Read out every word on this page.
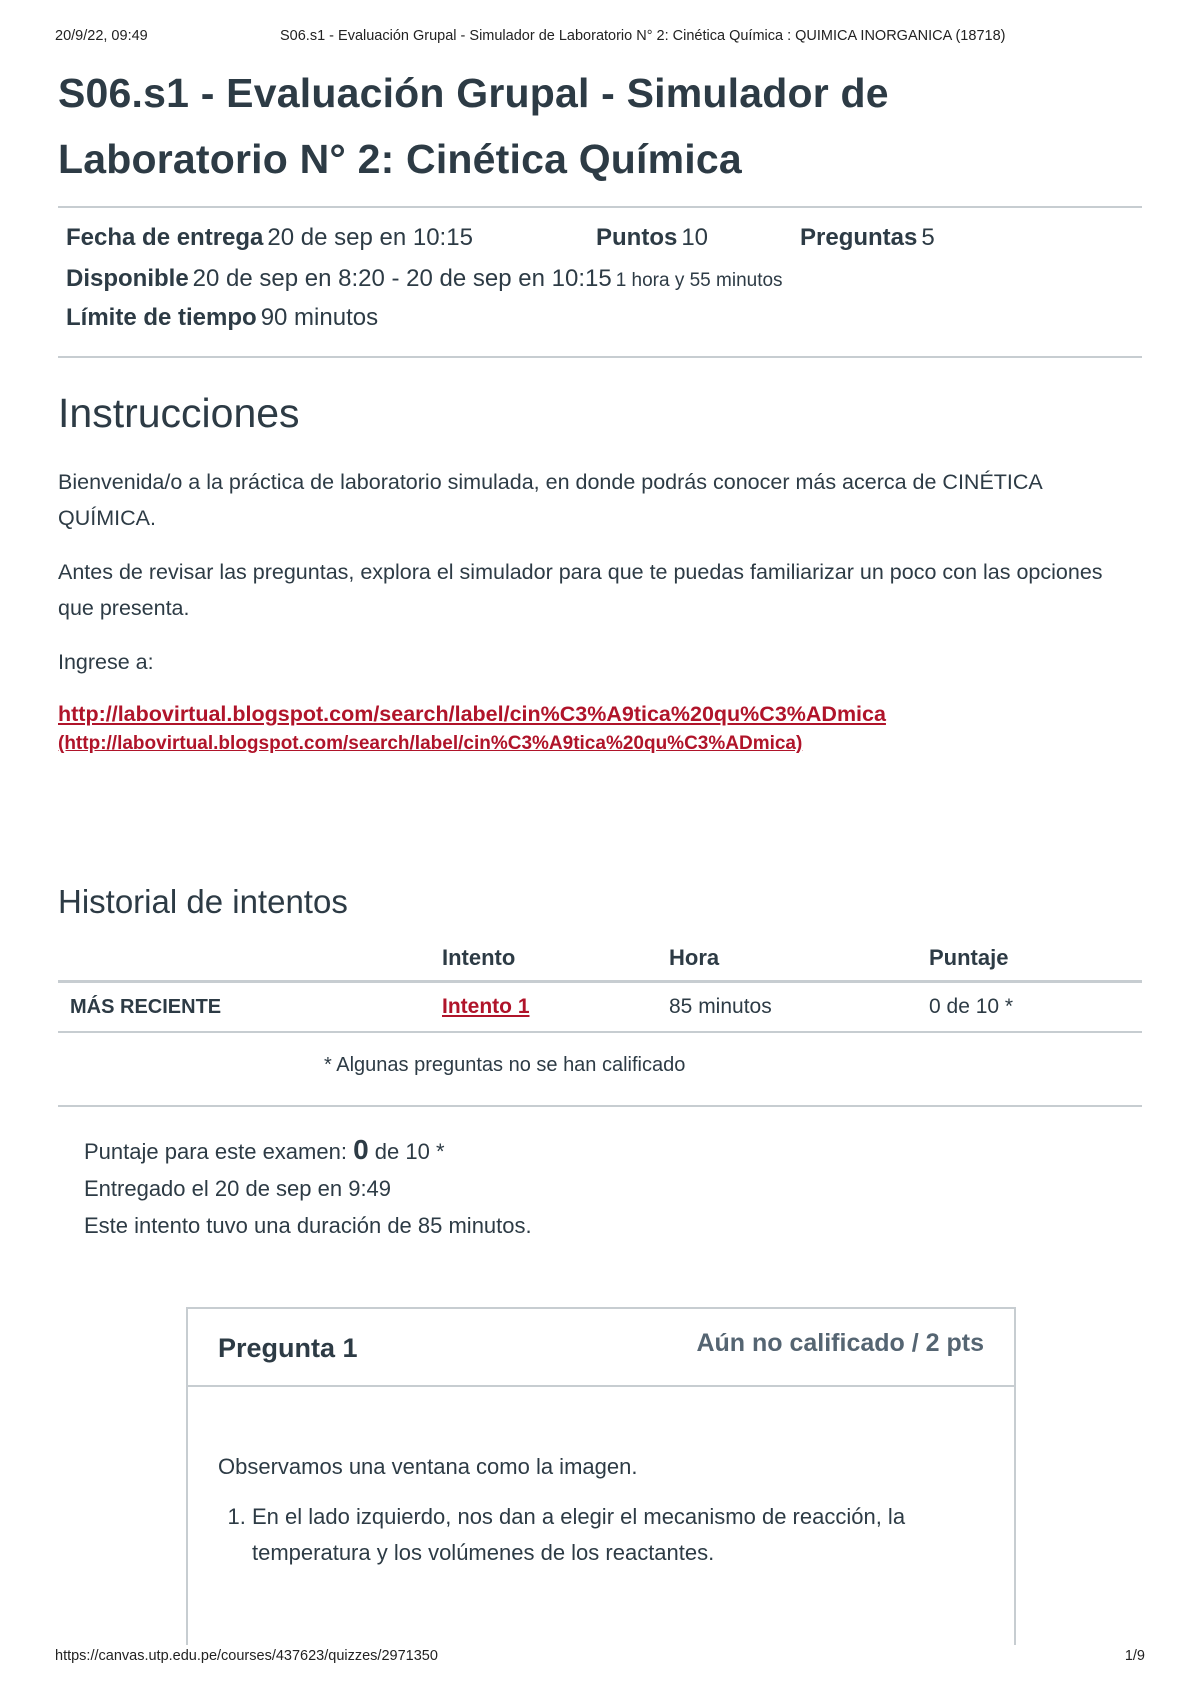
20/9/22, 09:49	S06.s1 - Evaluación Grupal - Simulador de Laboratorio N° 2: Cinética Química : QUIMICA INORGANICA (18718)
S06.s1 - Evaluación Grupal - Simulador de
Laboratorio N° 2: Cinética Química
Fecha de entrega 20 de sep en 10:15	Puntos 10	Preguntas 5
Disponible 20 de sep en 8:20 - 20 de sep en 10:15 1 hora y 55 minutos
Límite de tiempo 90 minutos
Instrucciones

Bienvenida/o a la práctica de laboratorio simulada, en donde podrás conocer más acerca de CINÉTICA QUÍMICA.

Antes de revisar las preguntas, explora el simulador para que te puedas familiarizar un poco con las opciones que presenta.

Ingrese a:

http://labovirtual.blogspot.com/search/label/cin%C3%A9tica%20qu%C3%ADmica

(http://labovirtual.blogspot.com/search/label/cin%C3%A9tica%20qu%C3%ADmica)

Historial de intentos
	Intento	Hora	Puntaje
MÁS RECIENTE	Intento 1	85 minutos	0 de 10 *
* Algunas preguntas no se han calificado
Puntaje para este examen: 0 de 10 *
Entregado el 20 de sep en 9:49
Este intento tuvo una duración de 85 minutos.
Pregunta 1	Aún no calificado / 2 pts

Observamos una ventana como la imagen.

1. En el lado izquierdo, nos dan a elegir el mecanismo de reacción, la temperatura y los volúmenes de los reactantes.
https://canvas.utp.edu.pe/courses/437623/quizzes/2971350	1/9
